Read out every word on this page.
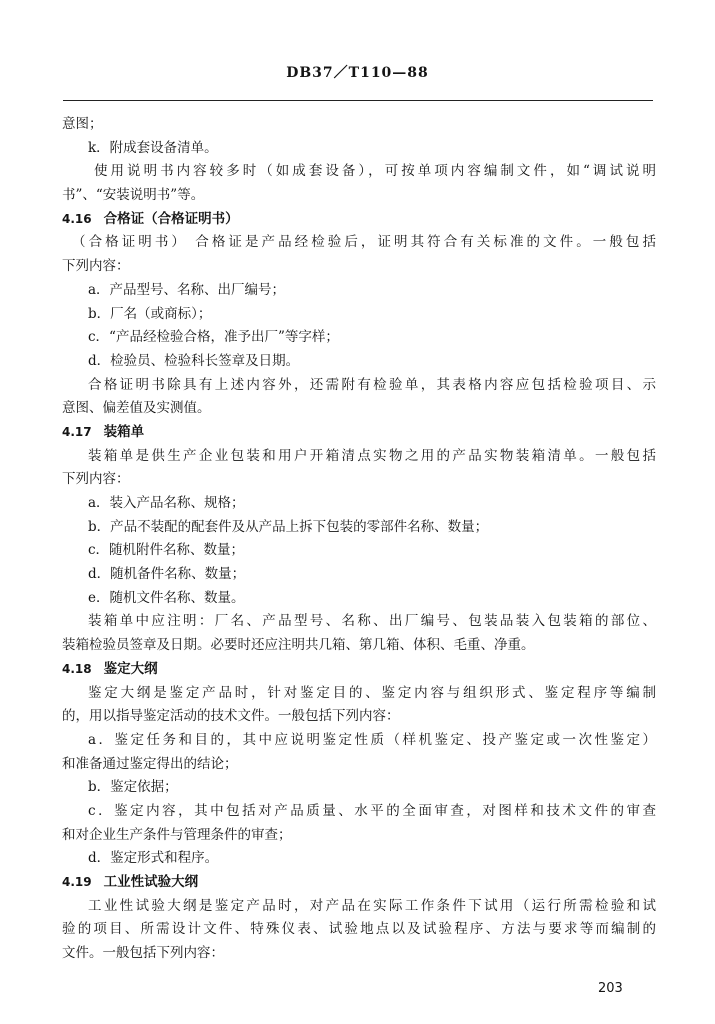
DB37／T110—88
意图；
k．附成套设备清单。
使用说明书内容较多时（如成套设备），可按单项内容编制文件，如“调试说明
书”、“安装说明书”等。
4.16 合格证（合格证明书）
（合格证明书） 合格证是产品经检验后，证明其符合有关标准的文件。一般包括
下列内容：
a．产品型号、名称、出厂编号；
b．厂名（或商标）；
c．“产品经检验合格，准予出厂”等字样；
d．检验员、检验科长签章及日期。
合格证明书除具有上述内容外，还需附有检验单，其表格内容应包括检验项目、示
意图、偏差值及实测值。
4.17 装箱单
装箱单是供生产企业包装和用户开箱清点实物之用的产品实物装箱清单。一般包括
下列内容：
a．装入产品名称、规格；
b．产品不装配的配套件及从产品上拆下包装的零部件名称、数量；
c．随机附件名称、数量；
d．随机备件名称、数量；
e．随机文件名称、数量。
装箱单中应注明：厂名、产品型号、名称、出厂编号、包装品装入包装箱的部位、
装箱检验员签章及日期。必要时还应注明共几箱、第几箱、体积、毛重、净重。
4.18 鉴定大纲
鉴定大纲是鉴定产品时，针对鉴定目的、鉴定内容与组织形式、鉴定程序等编制
的，用以指导鉴定活动的技术文件。一般包括下列内容：
a．鉴定任务和目的，其中应说明鉴定性质（样机鉴定、投产鉴定或一次性鉴定）
和准备通过鉴定得出的结论；
b．鉴定依据；
c．鉴定内容，其中包括对产品质量、水平的全面审查，对图样和技术文件的审查
和对企业生产条件与管理条件的审查；
d．鉴定形式和程序。
4.19 工业性试验大纲
工业性试验大纲是鉴定产品时，对产品在实际工作条件下试用（运行所需检验和试
验的项目、所需设计文件、特殊仪表、试验地点以及试验程序、方法与要求等而编制的
文件。一般包括下列内容：
203
